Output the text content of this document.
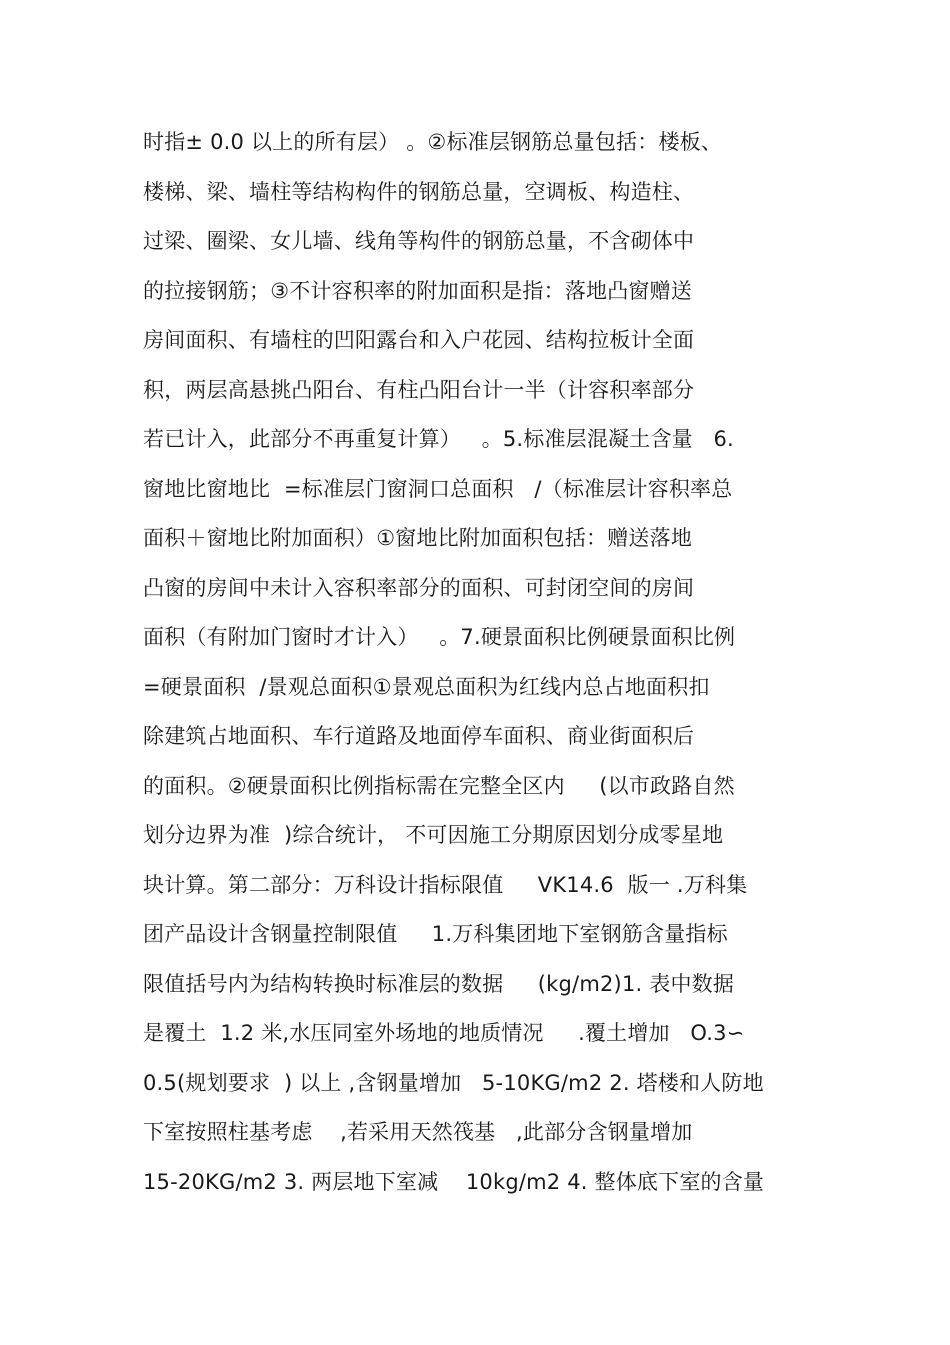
时指± 0.0 以上的所有层） 。②标准层钢筋总量包括：楼板、
楼梯、梁、墙柱等结构构件的钢筋总量，空调板、构造柱、
过梁、圈梁、女儿墙、线角等构件的钢筋总量，不含砌体中
的拉接钢筋；③不计容积率的附加面积是指：落地凸窗赠送
房间面积、有墙柱的凹阳露台和入户花园、结构拉板计全面
积，两层高悬挑凸阳台、有柱凸阳台计一半（计容积率部分
若已计入，此部分不再重复计算）   。5.标准层混凝土含量   6.
窗地比窗地比  =标准层门窗洞口总面积   /（标准层计容积率总
面积＋窗地比附加面积）①窗地比附加面积包括：赠送落地
凸窗的房间中未计入容积率部分的面积、可封闭空间的房间
面积（有附加门窗时才计入）   。7.硬景面积比例硬景面积比例
=硬景面积  /景观总面积①景观总面积为红线内总占地面积扣
除建筑占地面积、车行道路及地面停车面积、商业街面积后
的面积。②硬景面积比例指标需在完整全区内     (以市政路自然
划分边界为准  )综合统计， 不可因施工分期原因划分成零星地
块计算。第二部分：万科设计指标限值     VK14.6  版一 .万科集
团产品设计含钢量控制限值     1.万科集团地下室钢筋含量指标
限值括号内为结构转换时标准层的数据     (kg/m2)1. 表中数据
是覆土  1.2 米,水压同室外场地的地质情况     .覆土增加   O.3∽
0.5(规划要求  ) 以上 ,含钢量增加   5-10KG/m2 2. 塔楼和人防地
下室按照柱基考虑    ,若采用天然筏基   ,此部分含钢量增加
15-20KG/m2 3. 两层地下室减    10kg/m2 4. 整体底下室的含量
